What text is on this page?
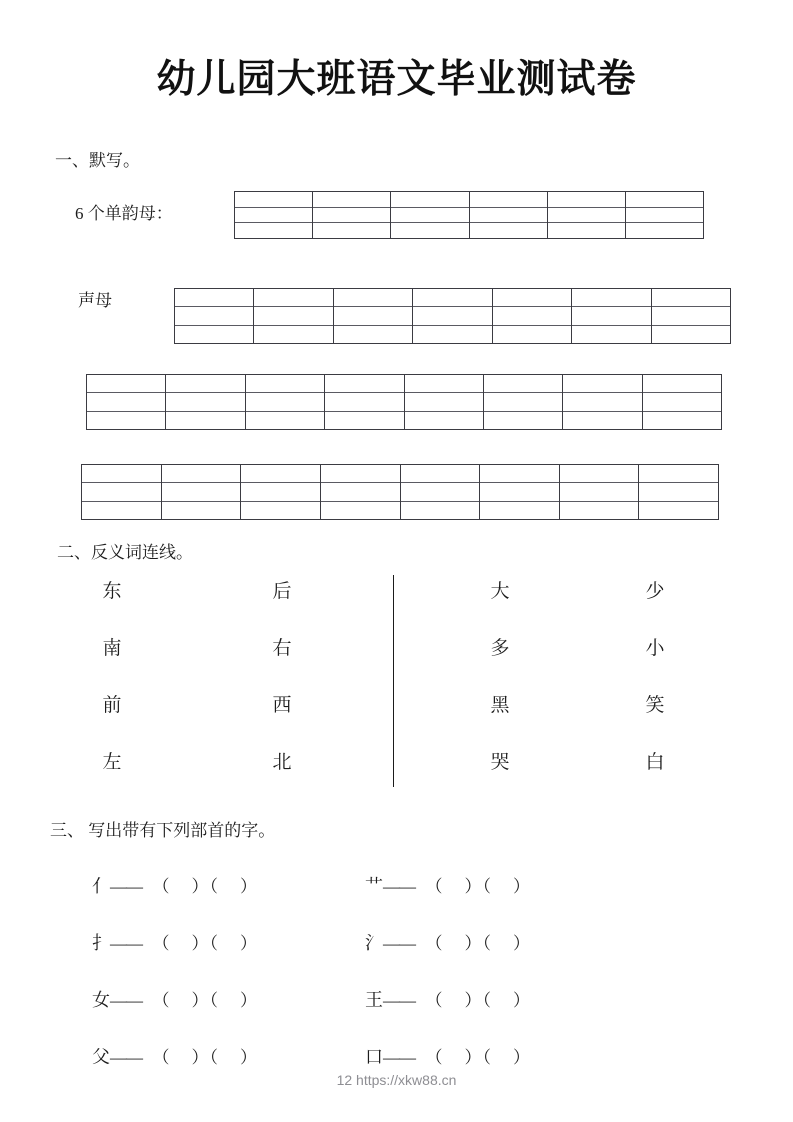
幼儿园大班语文毕业测试卷
一、默写。
6 个单韵母：
声母
二、反义词连线。
东
南
前
左
后
右
西
北
大
多
黑
哭
少
小
笑
白
三、 写出带有下列部首的字。
亻——  （    ）（    ）	艹——  （    ）（    ）
扌——  （    ）（    ）	氵——  （    ）（    ）
女——  （    ）（    ）	王——  （    ）（    ）
父——  （    ）（    ）	口——  （    ）（    ）
12 https://xkw88.cn
